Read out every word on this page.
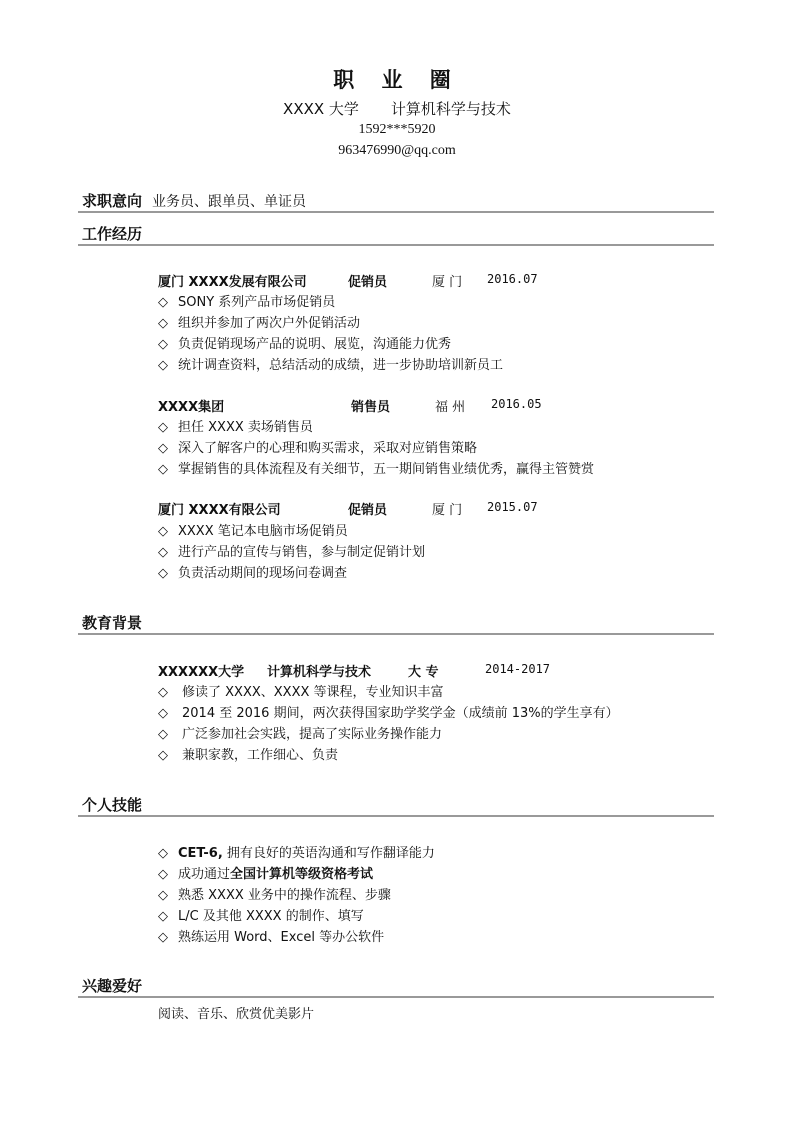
职 业 圈
XXXX 大学 计算机科学与技术
1592***5920
963476990@qq.com
求职意向 业务员、跟单员、单证员
工作经历
厦门 XXXX发展有限公司	促销员	厦 门 2016.07
◇ SONY 系列产品市场促销员
◇ 组织并参加了两次户外促销活动
◇ 负责促销现场产品的说明、展览，沟通能力优秀
◇ 统计调查资料，总结活动的成绩，进一步协助培训新员工
XXXX集团	销售员	福 州 2016.05
◇ 担任 XXXX 卖场销售员
◇ 深入了解客户的心理和购买需求，采取对应销售策略
◇ 掌握销售的具体流程及有关细节，五一期间销售业绩优秀，赢得主管赞赏
厦门 XXXX有限公司	促销员	厦 门 2015.07
◇ XXXX 笔记本电脑市场促销员
◇ 进行产品的宣传与销售，参与制定促销计划
◇ 负责活动期间的现场问卷调查
教育背景
XXXXXX大学 计算机科学与技术	大 专	2014-2017
◇ 修读了 XXXX、XXXX 等课程，专业知识丰富
◇ 2014 至 2016 期间，两次获得国家助学奖学金（成绩前 13%的学生享有）
◇ 广泛参加社会实践，提高了实际业务操作能力
◇ 兼职家教，工作细心、负责
个人技能
◇ CET-6, 拥有良好的英语沟通和写作翻译能力
◇ 成功通过全国计算机等级资格考试
◇ 熟悉 XXXX 业务中的操作流程、步骤
◇ L/C 及其他 XXXX 的制作、填写
◇ 熟练运用 Word、Excel 等办公软件
兴趣爱好
阅读、音乐、欣赏优美影片
